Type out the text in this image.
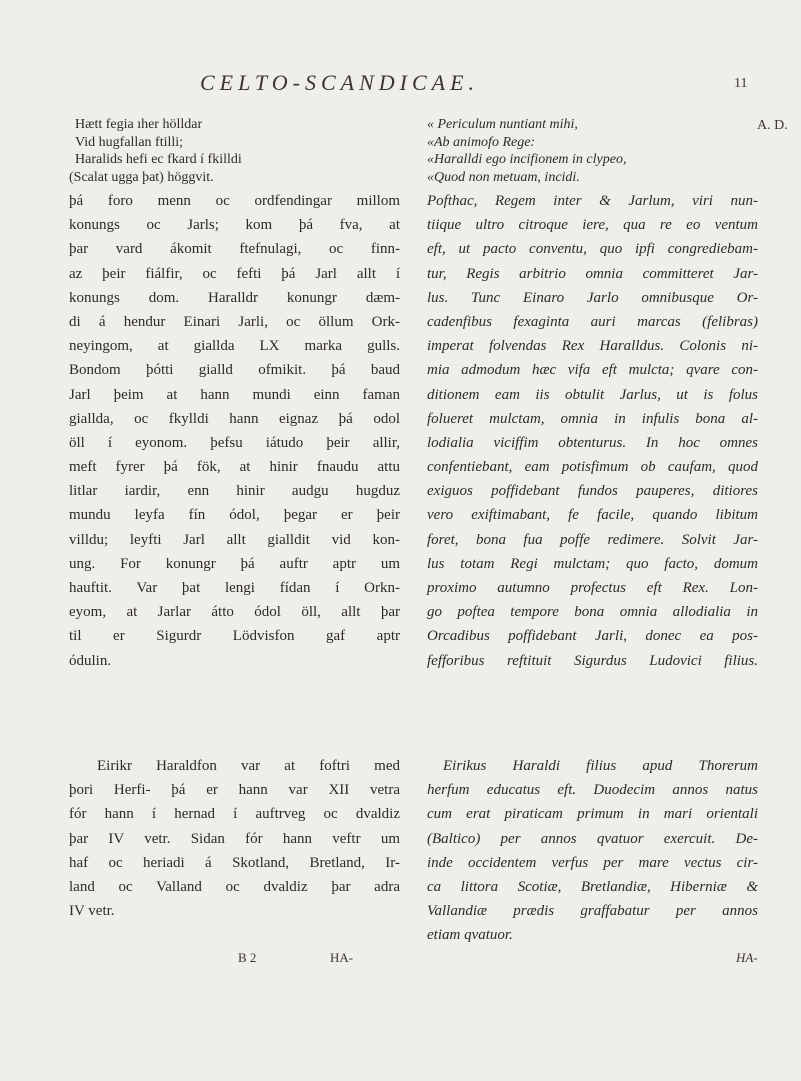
CELTO-SCANDICAE.	11
A. D.
Hætt fegia ıher hölldar
Vid hugfallan ftilli;
Haralids hefi ec fkard í fkilldi
(Scalat ugga þat) höggvit.
þá foro menn oc ordfendingar millom
konungs oc Jarls; kom þá fva, at
þar vard ákomit ftefnulagi, oc finn-
az þeir fiálfir, oc fefti þá Jarl allt í
konungs dom. Haralldr konungr dæm-
di á hendur Einari Jarli, oc öllum Ork-
neyingom, at giallda LX marka gulls.
Bondom þótti gialld ofmikit. þá baud
Jarl þeim at hann mundi einn faman
giallda, oc fkylldi hann eignaz þá odol
öll í eyonom. þefsu iátudo þeir allir,
meft fyrer þá fök, at hinir fnaudu attu
litlar iardir, enn hinir audgu hugduz
mundu leyfa fín ódol, þegar er þeir
villdu; leyfti Jarl allt gialldit vid kon-
ung. For konungr þá auftr aptr um
hauftit. Var þat lengi fídan í Orkn-
eyom, at Jarlar átto ódol öll, allt þar
til er Sigurdr Lödvisfon gaf aptr
ódulin.
Eirikr Haraldfon var at foftri med
þori Herfi- þá er hann var XII vetra
fór hann í hernad í auftrveg oc dvaldiz
þar IV vetr. Sidan fór hann veftr um
haf oc heriadi á Skotland, Bretland, Ir-
land oc Valland oc dvaldiz þar adra
IV vetr.
B 2	HA-
« Periculum nuntiant mihi,
«Ab animofo Rege:
«Haralldi ego incifionem in clypeo,
«Quod non metuam, incidi.
Pofthac, Regem inter & Jarlum, viri nun-
tiique ultro citroque iere, qua re eo ventum
eft, ut pacto conventu, quo ipfi congrediebam-
tur, Regis arbitrio omnia committeret Jar-
lus. Tunc Einaro Jarlo omnibusque Or-
cadenfibus fexaginta auri marcas (felibras)
imperat folvendas Rex Haralldus. Colonis ni-
mia admodum hæc vifa eft mulcta; qvare con-
ditionem eam iis obtulit Jarlus, ut is folus
folueret mulctam, omnia in infulis bona al-
lodialia viciffim obtenturus. In hoc omnes
confentiebant, eam potisfimum ob caufam, quod
exiguos poffidebant fundos pauperes, ditiores
vero exiftimabant, fe facile, quando libitum
foret, bona fua poffe redimere. Solvit Jar-
lus totam Regi mulctam; quo facto, domum
proximo autumno profectus eft Rex. Lon-
go poftea tempore bona omnia allodialia in
Orcadibus poffidebant Jarli, donec ea pos-
fefforibus reftituit Sigurdus Ludovici filius.
Eirikus Haraldi filius apud Thorerum
herfum educatus eft. Duodecim annos natus
cum erat piraticam primum in mari orientali
(Baltico) per annos qvatuor exercuit. De-
inde occidentem verfus per mare vectus cir-
ca littora Scotiæ, Bretlandiæ, Hiberniæ &
Vallandiæ prædis graffabatur per annos
etiam qvatuor.
HA-
